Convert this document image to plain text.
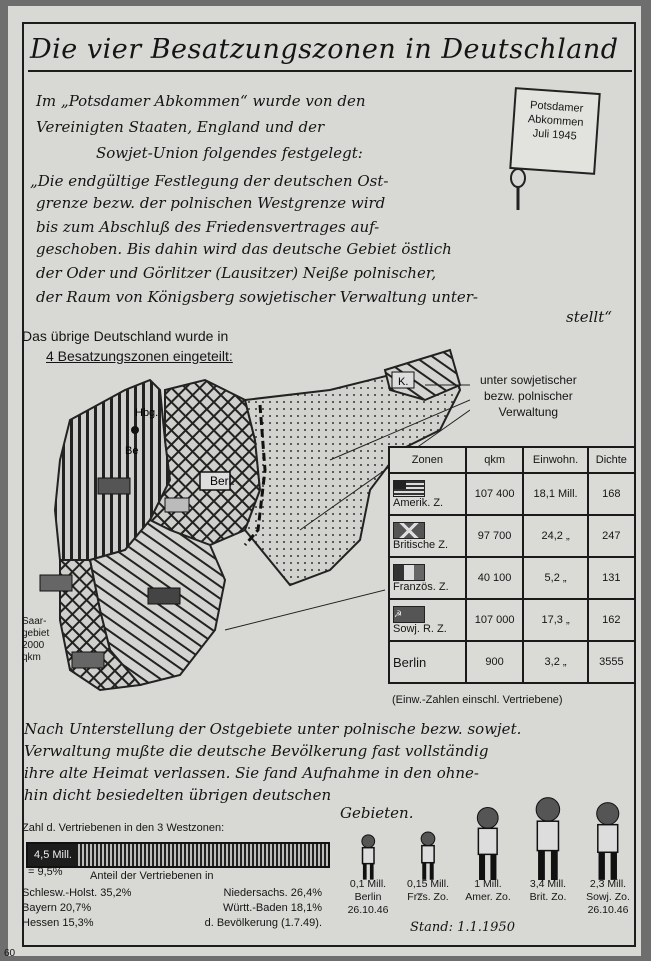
Die vier Besatzungszonen in Deutschland
Im „Potsdamer Abkommen“ wurde von den
Vereinigten Staaten, England und der
Sowjet-Union folgendes festgelegt:
Potsdamer
Abkommen
Juli 1945
„Die endgültige Festlegung der deutschen Ost-
grenze bezw. der polnischen Westgrenze wird
bis zum Abschluß des Friedensvertrages auf-
geschoben. Bis dahin wird das deutsche Gebiet östlich
der Oder und Görlitzer (Lausitzer) Neiße polnischer,
der Raum von Königsberg sowjetischer Verwaltung unter-
stellt“
Das übrige Deutschland wurde in
4 Besatzungszonen eingeteilt:
Berl.
Hbg.
Be
K.
Saar-
gebiet
2000
qkm
unter sowjetischer
bezw. polnischer
Verwaltung
Zonen	qkm	Einwohn.	Dichte

Amerik. Z.	107 400	18,1 Mill.	168

Britische Z.	97 700	24,2 „	247

Französ. Z.	40 100	5,2 „	131
☭
Sowj. R. Z.	107 000	17,3 „	162
Berlin	900	3,2 „	3555
(Einw.-Zahlen einschl. Vertriebene)
Nach Unterstellung der Ostgebiete unter polnische bezw. sowjet.
Verwaltung mußte die deutsche Bevölkerung fast vollständig
ihre alte Heimat verlassen. Sie fand Aufnahme in den ohne-
hin dicht besiedelten übrigen deutschen
Gebieten.
Zahl d. Vertriebenen in den 3 Westzonen:
4,5 Mill.
= 9,5% Anteil der Vertriebenen in
Schlesw.-Holst. 35,2%	Niedersachs. 26,4%
Bayern 20,7%	Württ.-Baden 18,1%
Hessen 15,3%	d. Bevölkerung (1.7.49).
0,1 Mill.
Berlin
26.10.46
0,15 Mill.
Frz̅s. Zo.
1 Mill.
Amer. Zo.
3,4 Mill.
Brit. Zo.
2,3 Mill.
Sowj. Zo.
26.10.46
Stand: 1.1.1950
60
